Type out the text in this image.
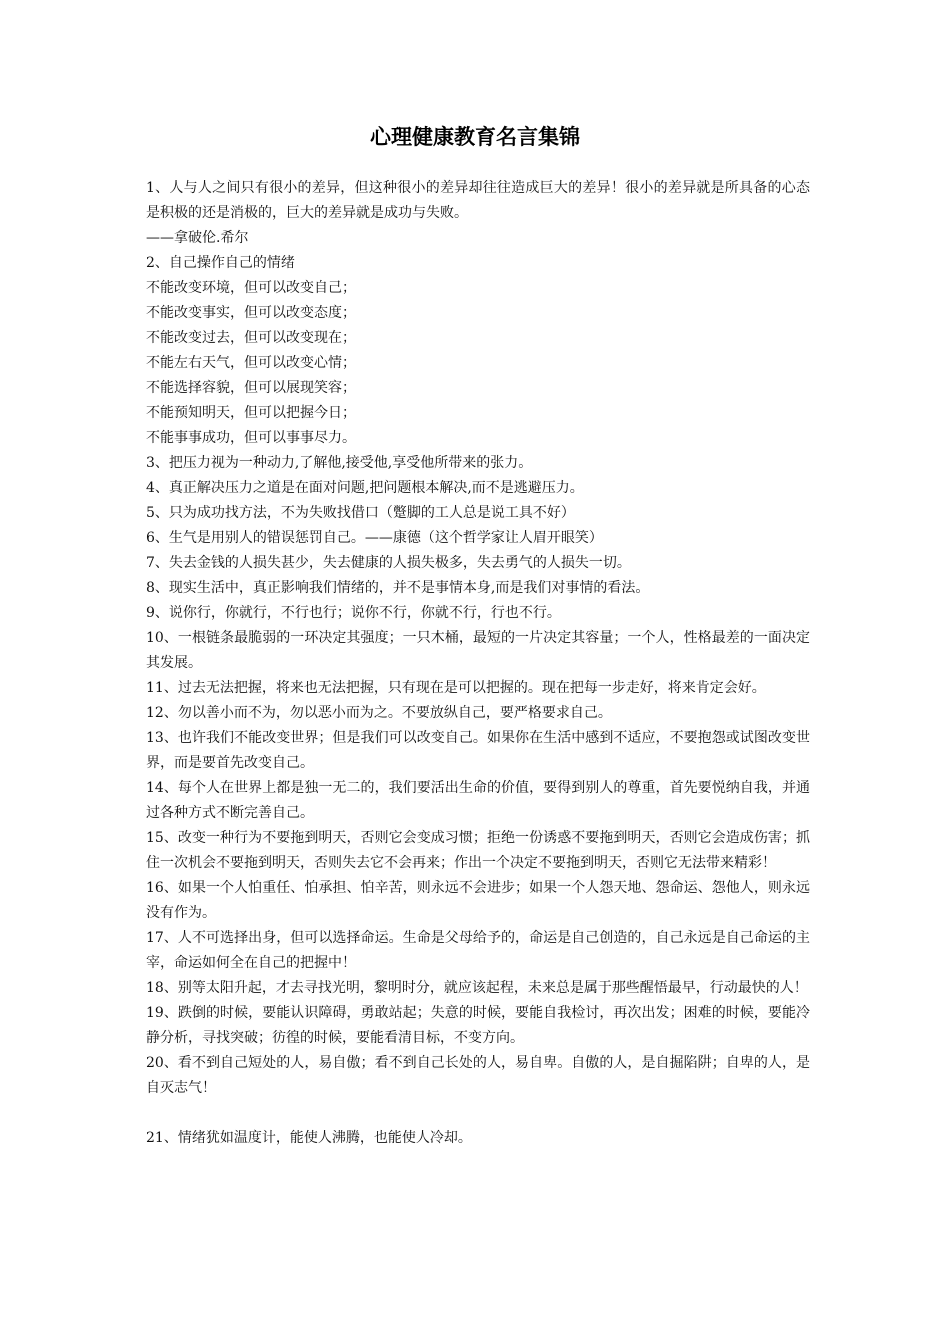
心理健康教育名言集锦

1、人与人之间只有很小的差异，但这种很小的差异却往往造成巨大的差异！很小的差异就是所具备的心态是积极的还是消极的，巨大的差异就是成功与失败。

——拿破伦.希尔

2、自己操作自己的情绪

不能改变环境，但可以改变自己；

不能改变事实，但可以改变态度；

不能改变过去，但可以改变现在；

不能左右天气，但可以改变心情；

不能选择容貌，但可以展现笑容；

不能预知明天，但可以把握今日；

不能事事成功，但可以事事尽力。

3、把压力视为一种动力,了解他,接受他,享受他所带来的张力。

4、真正解决压力之道是在面对问题,把问题根本解决,而不是逃避压力。

5、只为成功找方法，不为失败找借口（蹩脚的工人总是说工具不好）

6、生气是用别人的错误惩罚自己。——康德（这个哲学家让人眉开眼笑）

7、失去金钱的人损失甚少，失去健康的人损失极多，失去勇气的人损失一切。

8、现实生活中，真正影响我们情绪的，并不是事情本身,而是我们对事情的看法。

9、说你行，你就行，不行也行；说你不行，你就不行，行也不行。

10、一根链条最脆弱的一环决定其强度；一只木桶，最短的一片决定其容量；一个人，性格最差的一面决定其发展。

11、过去无法把握，将来也无法把握，只有现在是可以把握的。现在把每一步走好，将来肯定会好。

12、勿以善小而不为，勿以恶小而为之。不要放纵自己，要严格要求自己。

13、也许我们不能改变世界；但是我们可以改变自己。如果你在生活中感到不适应，不要抱怨或试图改变世界，而是要首先改变自己。

14、每个人在世界上都是独一无二的，我们要活出生命的价值，要得到别人的尊重，首先要悦纳自我，并通过各种方式不断完善自己。

15、改变一种行为不要拖到明天，否则它会变成习惯；拒绝一份诱惑不要拖到明天，否则它会造成伤害；抓住一次机会不要拖到明天，否则失去它不会再来；作出一个决定不要拖到明天，否则它无法带来精彩！

16、如果一个人怕重任、怕承担、怕辛苦，则永远不会进步；如果一个人怨天地、怨命运、怨他人，则永远没有作为。

17、人不可选择出身，但可以选择命运。生命是父母给予的，命运是自己创造的，自己永远是自己命运的主宰，命运如何全在自己的把握中！

18、别等太阳升起，才去寻找光明，黎明时分，就应该起程，未来总是属于那些醒悟最早，行动最快的人！

19、跌倒的时候，要能认识障碍，勇敢站起；失意的时候，要能自我检讨，再次出发；困难的时候，要能冷静分析，寻找突破；彷徨的时候，要能看清目标，不变方向。

20、看不到自己短处的人，易自傲；看不到自己长处的人，易自卑。自傲的人，是自掘陷阱；自卑的人，是自灭志气！

21、情绪犹如温度计，能使人沸腾，也能使人冷却。
